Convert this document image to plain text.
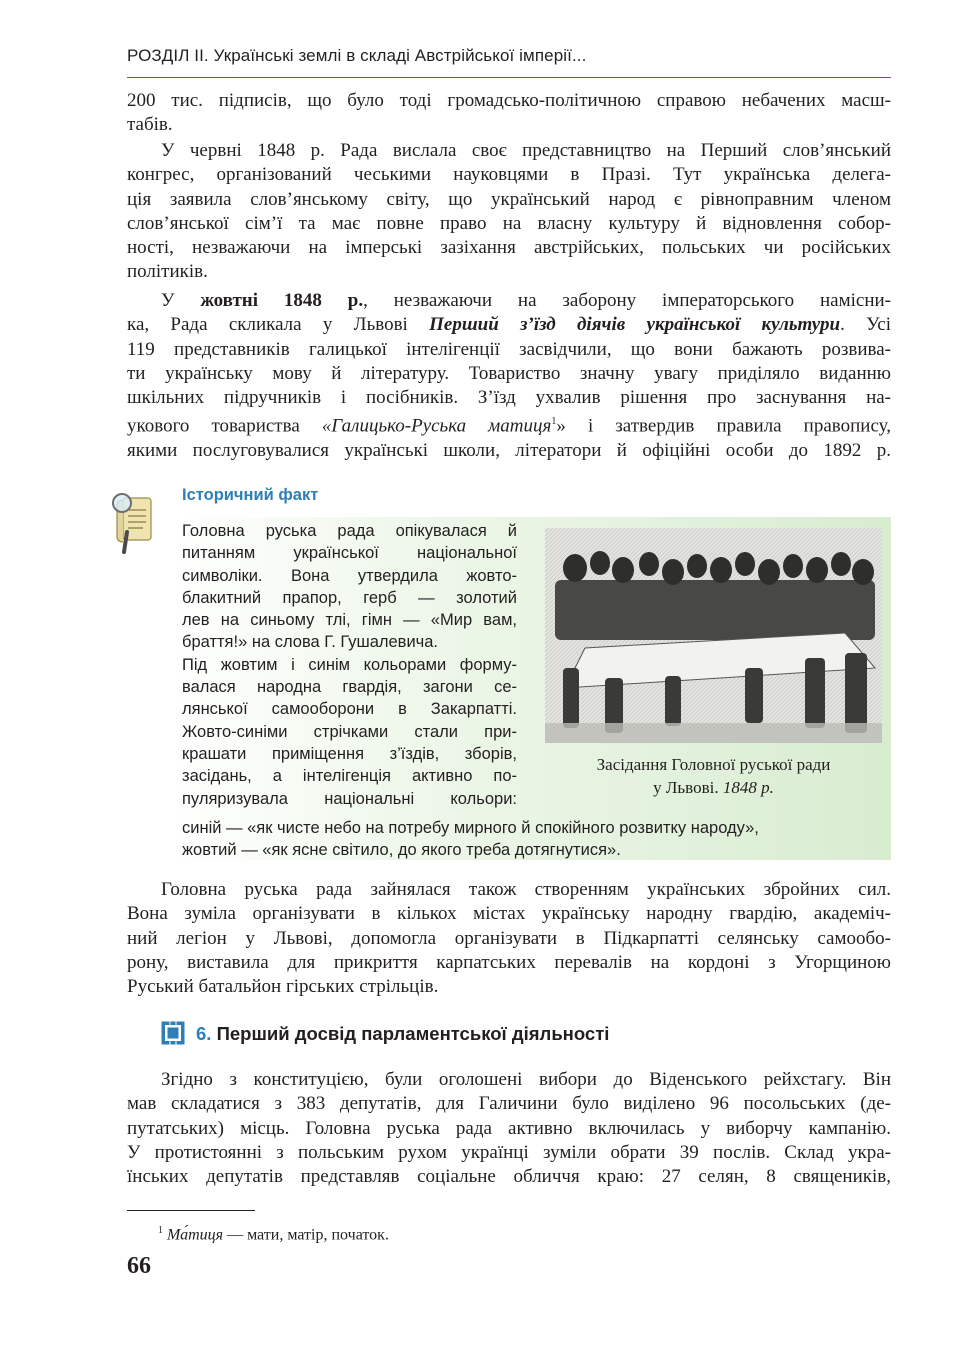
РОЗДІЛ ІІ. Українські землі в складі Австрійської імперії...
200 тис. підписів, що було тоді громадсько-політичною справою небачених масш-
табів.
У червні 1848 р. Рада вислала своє представництво на Перший слов’янський
конгрес, організований чеськими науковцями в Празі. Тут українська делега-
ція заявила слов’янському світу, що український народ є рівноправним членом
слов’янської сім’ї та має повне право на власну культуру й відновлення собор-
ності, незважаючи на імперські зазіхання австрійських, польських чи російських
політиків.
У жовтні 1848 р., незважаючи на заборону імператорського намісни-
ка, Рада скликала у Львові Перший з’їзд діячів української культури. Усі
119 представників галицької інтелігенції засвідчили, що вони бажають розвива-
ти українську мову й літературу. Товариство значну увагу приділяло виданню
шкільних підручників і посібників. З’їзд ухвалив рішення про заснування на-
укового товариства «Галицько-Руська матиця$^1$» і затвердив правила правопису,
якими послуговувалися українські школи, літератори й офіційні особи до 1892 р.
Історичний факт
Головна руська рада опікувалася й
питанням української національної
символіки. Вона утвердила жовто-
блакитний прапор, герб — золотий
лев на синьому тлі, гімн — «Мир вам,
браття!» на слова Г. Гушалевича.
Під жовтим і синім кольорами форму-
валася народна гвардія, загони се-
лянської самооборони в Закарпатті.
Жовто-синіми стрічками стали при-
крашати приміщення з’їздів, зборів,
засідань, а інтелігенція активно по-
пуляризувала національні кольори:
синій — «як чисте небо на потребу мирного й спокійного розвитку народу»,
жовтий — «як ясне світило, до якого треба дотягнутися».
Засідання Головної руської ради
у Львові. 1848 р.
Головна руська рада зайнялася також створенням українських збройних сил.
Вона зуміла організувати в кількох містах українську народну гвардію, академіч-
ний легіон у Львові, допомогла організувати в Підкарпатті селянську самообо-
рону, виставила для прикриття карпатських перевалів на кордоні з Угорщиною
Руський батальйон гірських стрільців.
6. Перший досвід парламентської діяльності
Згідно з конституцією, були оголошені вибори до Віденського рейхстагу. Він
мав складатися з 383 депутатів, для Галичини було виділено 96 посольських (де-
путатських) місць. Головна руська рада активно включилась у виборчу кампанію.
У протистоянні з польським рухом українці зуміли обрати 39 послів. Склад укра-
їнських депутатів представляв соціальне обличчя краю: 27 селян, 8 священиків,
$^1$ Ма́тиця — мати, матір, початок.
66
